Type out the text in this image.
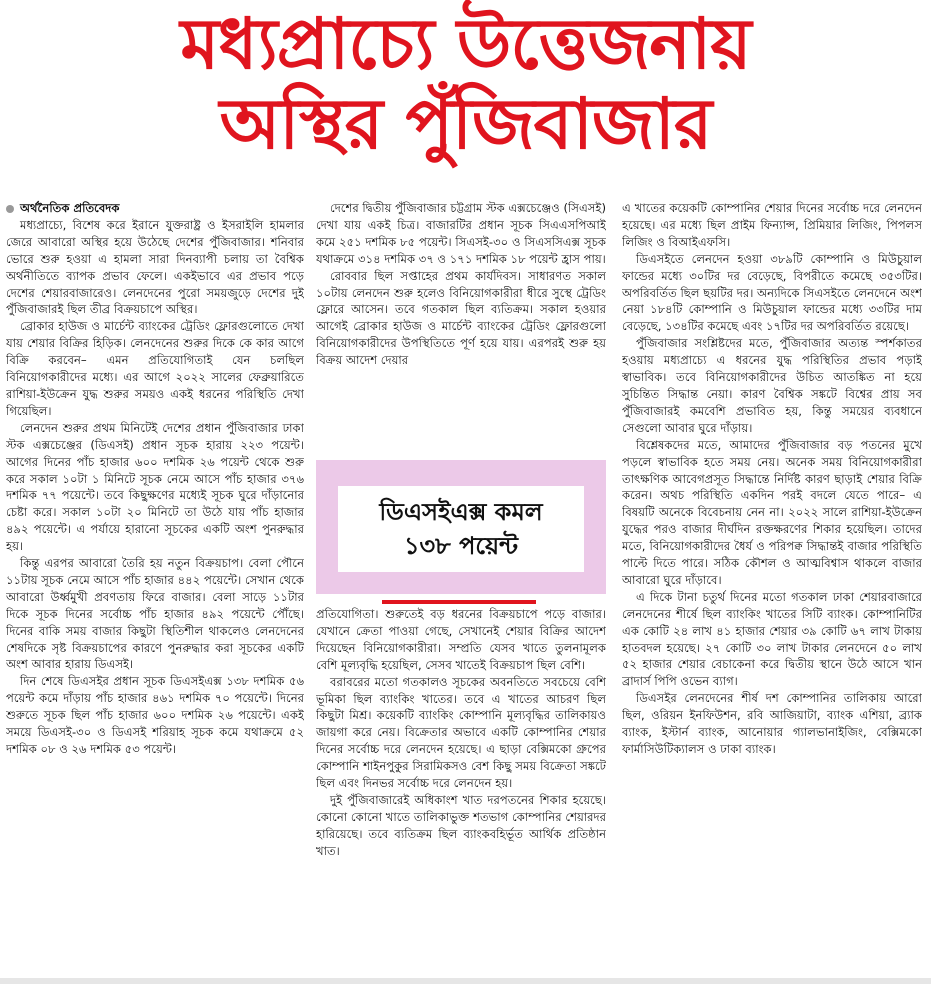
মধ্যপ্রাচ্যে উত্তেজনায়
অস্থির পুঁজিবাজার

অর্থনৈতিক প্রতিবেদক

মধ্যপ্রাচ্যে, বিশেষ করে ইরানে যুক্তরাষ্ট্র ও ইসরাইলি হামলার জেরে আবারো অস্থির হয়ে উঠেছে দেশের পুঁজিবাজার। শনিবার ভোরে শুরু হওয়া এ হামলা সারা দিনব্যাপী চলায় তা বৈশ্বিক অর্থনীতিতে ব্যাপক প্রভাব ফেলে। একইভাবে এর প্রভাব পড়ে দেশের শেয়ারবাজারেও। লেনদেনের পুরো সময়জুড়ে দেশের দুই পুঁজিবাজারই ছিল তীব্র বিক্রয়চাপে অস্থির।

ব্রোকার হাউজ ও মার্চেন্ট ব্যাংকের ট্রেডিং ফ্লোরগুলোতে দেখা যায় শেয়ার বিক্রির হিড়িক। লেনদেনের শুরুর দিকে কে কার আগে বিক্রি করবেন– এমন প্রতিযোগিতাই যেন চলছিল বিনিয়োগকারীদের মধ্যে। এর আগে ২০২২ সালের ফেব্রুয়ারিতে রাশিয়া-ইউক্রেন যুদ্ধ শুরুর সময়ও একই ধরনের পরিস্থিতি দেখা গিয়েছিল।

লেনদেন শুরুর প্রথম মিনিটেই দেশের প্রধান পুঁজিবাজার ঢাকা স্টক এক্সচেঞ্জের (ডিএসই) প্রধান সূচক হারায় ২২৩ পয়েন্ট। আগের দিনের পাঁচ হাজার ৬০০ দশমিক ২৬ পয়েন্ট থেকে শুরু করে সকাল ১০টা ১ মিনিটে সূচক নেমে আসে পাঁচ হাজার ৩৭৬ দশমিক ৭৭ পয়েন্টে। তবে কিছুক্ষণের মধ্যেই সূচক ঘুরে দাঁড়ানোর চেষ্টা করে। সকাল ১০টা ২০ মিনিটে তা উঠে যায় পাঁচ হাজার ৪৯২ পয়েন্টে। এ পর্যায়ে হারানো সূচকের একটি অংশ পুনরুদ্ধার হয়।

কিন্তু এরপর আবারো তৈরি হয় নতুন বিক্রয়চাপ। বেলা পৌনে ১১টায় সূচক নেমে আসে পাঁচ হাজার ৪৪২ পয়েন্টে। সেখান থেকে আবারো উর্ধ্বমুখী প্রবণতায় ফিরে বাজার। বেলা সাড়ে ১১টার দিকে সূচক দিনের সর্বোচ্চ পাঁচ হাজার ৪৯২ পয়েন্টে পৌঁছে। দিনের বাকি সময় বাজার কিছুটা স্থিতিশীল থাকলেও লেনদেনের শেষদিকে সৃষ্ট বিক্রয়চাপের কারণে পুনরুদ্ধার করা সূচকের একটি অংশ আবার হারায় ডিএসই।

দিন শেষে ডিএসইর প্রধান সূচক ডিএসইএক্স ১৩৮ দশমিক ৫৬ পয়েন্ট কমে দাঁড়ায় পাঁচ হাজার ৪৬১ দশমিক ৭০ পয়েন্টে। দিনের শুরুতে সূচক ছিল পাঁচ হাজার ৬০০ দশমিক ২৬ পয়েন্টে। একই সময়ে ডিএসই-৩০ ও ডিএসই শরিয়াহ সূচক কমে যথাক্রমে ৫২ দশমিক ০৮ ও ২৬ দশমিক ৫৩ পয়েন্ট।

দেশের দ্বিতীয় পুঁজিবাজার চট্টগ্রাম স্টক এক্সচেঞ্জেও (সিএসই) দেখা যায় একই চিত্র। বাজারটির প্রধান সূচক সিএএসপিআই কমে ২৫১ দশমিক ৮৫ পয়েন্ট। সিএসই-৩০ ও সিএসসিএক্স সূচক যথাক্রমে ৩১৪ দশমিক ৩৭ ও ১৭১ দশমিক ১৮ পয়েন্ট হ্রাস পায়।

রোববার ছিল সপ্তাহের প্রথম কার্যদিবস। সাধারণত সকাল ১০টায় লেনদেন শুরু হলেও বিনিয়োগকারীরা ধীরে সুস্থে ট্রেডিং ফ্লোরে আসেন। তবে গতকাল ছিল ব্যতিক্রম। সকাল হওয়ার আগেই ব্রোকার হাউজ ও মার্চেন্ট ব্যাংকের ট্রেডিং ফ্লোরগুলো বিনিয়োগকারীদের উপস্থিতিতে পূর্ণ হয়ে যায়। এরপরই শুরু হয় বিক্রয় আদেশ দেয়ার

ডিএসইএক্স কমল
১৩৮ পয়েন্ট

প্রতিযোগিতা। শুরুতেই বড় ধরনের বিক্রয়চাপে পড়ে বাজার। যেখানে ক্রেতা পাওয়া গেছে, সেখানেই শেয়ার বিক্রির আদেশ দিয়েছেন বিনিয়োগকারীরা। সম্প্রতি যেসব খাতে তুলনামূলক বেশি মূল্যবৃদ্ধি হয়েছিল, সেসব খাতেই বিক্রয়চাপ ছিল বেশি।

বরাবরের মতো গতকালও সূচকের অবনতিতে সবচেয়ে বেশি ভূমিকা ছিল ব্যাংকিং খাতের। তবে এ খাতের আচরণ ছিল কিছুটা মিশ্র। কয়েকটি ব্যাংকিং কোম্পানি মূল্যবৃদ্ধির তালিকায়ও জায়গা করে নেয়। বিক্রেতার অভাবে একটি কোম্পানির শেয়ার দিনের সর্বোচ্চ দরে লেনদেন হয়েছে। এ ছাড়া বেক্সিমকো গ্রুপের কোম্পানি শাইনপুকুর সিরামিকসও বেশ কিছু সময় বিক্রেতা সঙ্কটে ছিল এবং দিনভর সর্বোচ্চ দরে লেনদেন হয়।

দুই পুঁজিবাজারেই অধিকাংশ খাত দরপতনের শিকার হয়েছে। কোনো কোনো খাতে তালিকাভুক্ত শতভাগ কোম্পানির শেয়ারদর হারিয়েছে। তবে ব্যতিক্রম ছিল ব্যাংকবহির্ভূত আর্থিক প্রতিষ্ঠান খাত।

এ খাতের কয়েকটি কোম্পানির শেয়ার দিনের সর্বোচ্চ দরে লেনদেন হয়েছে। এর মধ্যে ছিল প্রাইম ফিন্যান্স, প্রিমিয়ার লিজিং, পিপলস লিজিং ও বিআইএফসি।

ডিএসইতে লেনদেন হওয়া ৩৮৯টি কোম্পানি ও মিউচুয়াল ফান্ডের মধ্যে ৩০টির দর বেড়েছে, বিপরীতে কমেছে ৩৫৩টির। অপরিবর্তিত ছিল ছয়টির দর। অন্যদিকে সিএসইতে লেনদেনে অংশ নেয়া ১৮৪টি কোম্পানি ও মিউচুয়াল ফান্ডের মধ্যে ৩৩টির দাম বেড়েছে, ১৩৪টির কমেছে এবং ১৭টির দর অপরিবর্তিত রয়েছে।

পুঁজিবাজার সংশ্লিষ্টদের মতে, পুঁজিবাজার অত্যন্ত স্পর্শকাতর হওয়ায় মধ্যপ্রাচ্যে এ ধরনের যুদ্ধ পরিস্থিতির প্রভাব পড়াই স্বাভাবিক। তবে বিনিয়োগকারীদের উচিত আতঙ্কিত না হয়ে সুচিন্তিত সিদ্ধান্ত নেয়া। কারণ বৈশ্বিক সঙ্কটে বিশ্বের প্রায় সব পুঁজিবাজারই কমবেশি প্রভাবিত হয়, কিন্তু সময়ের ব্যবধানে সেগুলো আবার ঘুরে দাঁড়ায়।

বিশ্লেষকদের মতে, আমাদের পুঁজিবাজার বড় পতনের মুখে পড়লে স্বাভাবিক হতে সময় নেয়। অনেক সময় বিনিয়োগকারীরা তাৎক্ষণিক আবেগপ্রসূত সিদ্ধান্তে নির্দিষ্ট কারণ ছাড়াই শেয়ার বিক্রি করেন। অথচ পরিস্থিতি একদিন পরই বদলে যেতে পারে– এ বিষয়টি অনেকে বিবেচনায় নেন না। ২০২২ সালে রাশিয়া-ইউক্রেন যুদ্ধের পরও বাজার দীর্ঘদিন রক্তক্ষরণের শিকার হয়েছিল। তাদের মতে, বিনিয়োগকারীদের ধৈর্য ও পরিপক্ব সিদ্ধান্তই বাজার পরিস্থিতি পাল্টে দিতে পারে। সঠিক কৌশল ও আত্মবিশ্বাস থাকলে বাজার আবারো ঘুরে দাঁড়াবে।

এ দিকে টানা চতুর্থ দিনের মতো গতকাল ঢাকা শেয়ারবাজারে লেনদেনের শীর্ষে ছিল ব্যাংকিং খাতের সিটি ব্যাংক। কোম্পানিটির এক কোটি ২৪ লাখ ৪১ হাজার শেয়ার ৩৯ কোটি ৬৭ লাখ টাকায় হাতবদল হয়েছে। ২৭ কোটি ৩০ লাখ টাকার লেনদেনে ৫০ লাখ ৫২ হাজার শেয়ার বেচাকেনা করে দ্বিতীয় স্থানে উঠে আসে খান ব্রাদার্স পিপি ওভেন ব্যাগ।

ডিএসইর লেনদেনের শীর্ষ দশ কোম্পানির তালিকায় আরো ছিল, ওরিয়ন ইনফিউশন, রবি আজিয়াটা, ব্যাংক এশিয়া, ব্র্যাক ব্যাংক, ইস্টার্ন ব্যাংক, আনোয়ার গ্যালভানাইজিং, বেক্সিমকো ফার্মাসিউটিক্যালস ও ঢাকা ব্যাংক।
